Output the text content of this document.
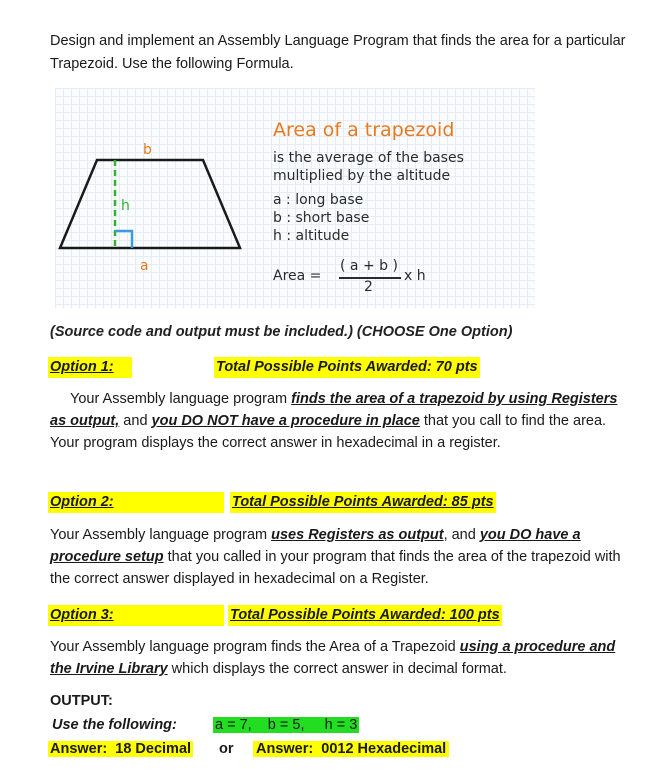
Design and implement an Assembly Language Program that finds the area for a particular Trapezoid. Use the following Formula.

b
h
a
Area of a trapezoid
is the average of the bases
multiplied by the altitude
a : long base
b : short base
h : altitude
Area =
( a + b )
2
x h

(Source code and output must be included.) (CHOOSE One Option)

Option 1:	Total Possible Points Awarded: 70 pts

Your Assembly language program finds the area of a trapezoid by using Registers as output, and you DO NOT have a procedure in place that you call to find the area. Your program displays the correct answer in hexadecimal in a register.

Option 2:	Total Possible Points Awarded: 85 pts

Your Assembly language program uses Registers as output, and you DO have a procedure setup that you called in your program that finds the area of the trapezoid with the correct answer displayed in hexadecimal on a Register.

Option 3:	Total Possible Points Awarded: 100 pts

Your Assembly language program finds the Area of a Trapezoid using a procedure and the Irvine Library which displays the correct answer in decimal format.

OUTPUT:
Use the following:	a = 7,    b = 5,     h = 3
Answer:  18 Decimal or Answer:  0012 Hexadecimal
